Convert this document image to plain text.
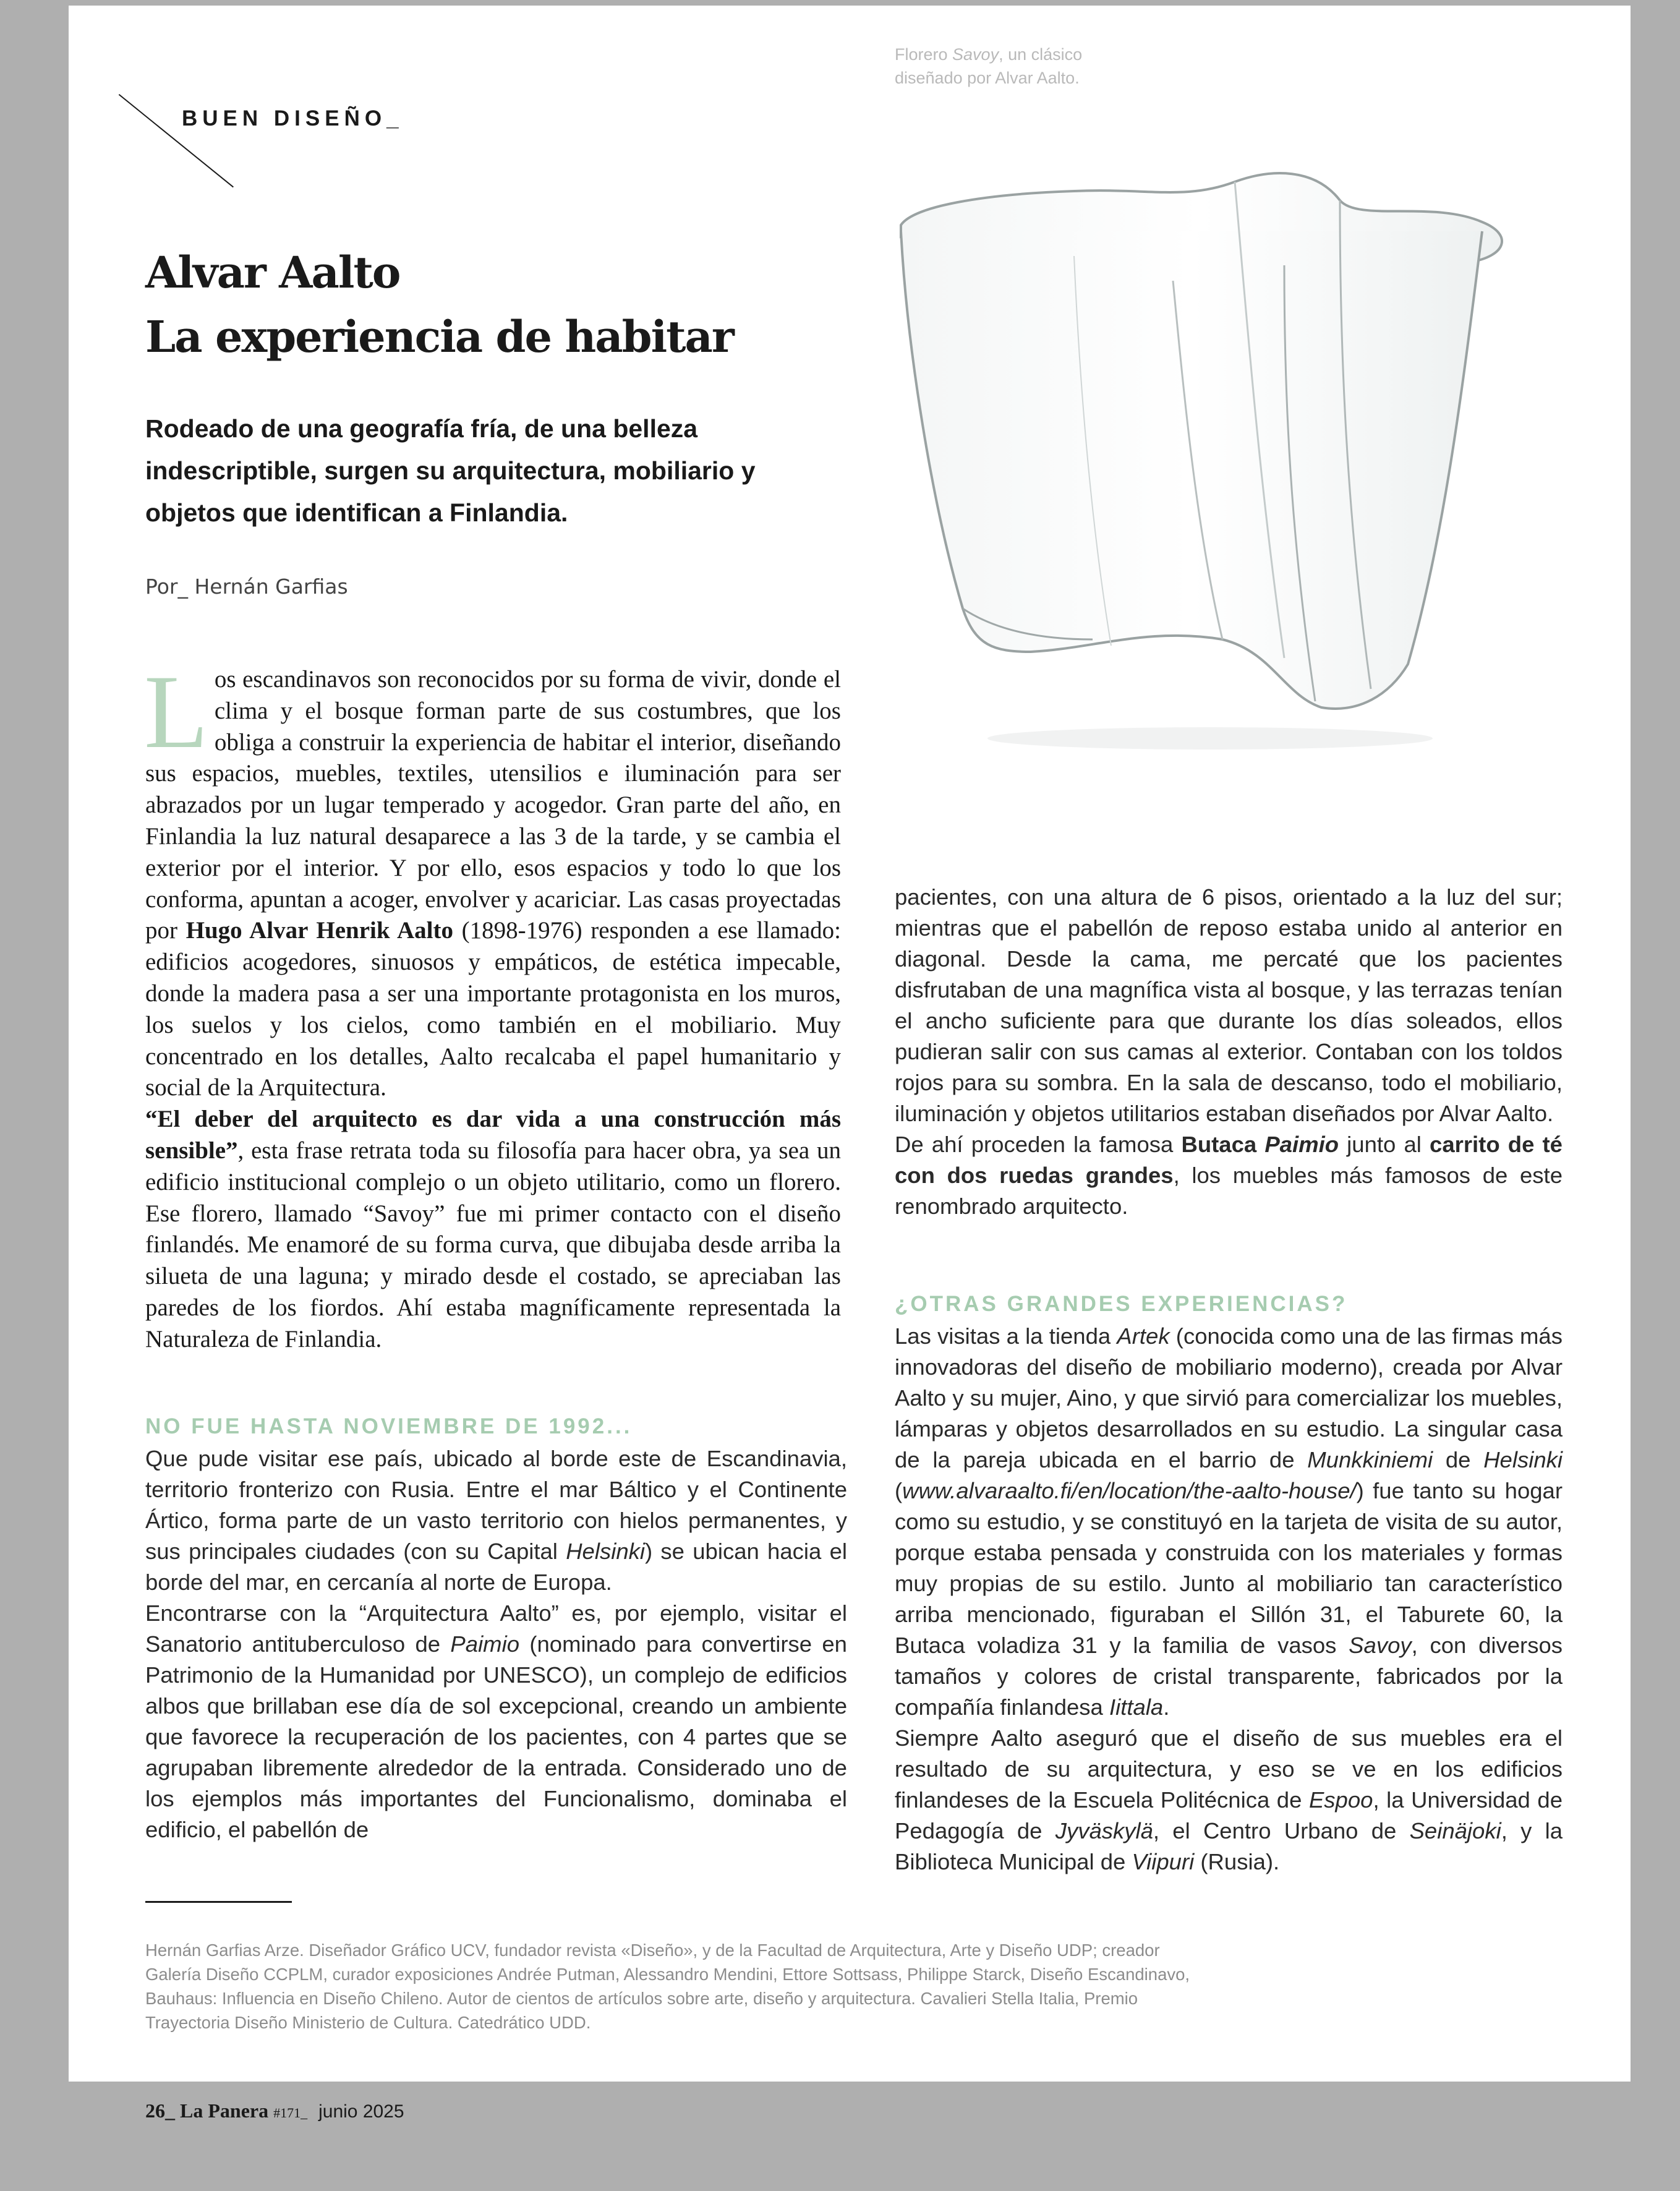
BUEN DISEÑO_
Alvar Aalto
La experiencia de habitar
Rodeado de una geografía fría, de una belleza indescriptible, surgen su arquitectura, mobiliario y objetos que identifican a Finlandia.
Por_ Hernán Garfias

Los escandinavos son reconocidos por su forma de vivir, donde el clima y el bosque forman parte de sus costumbres, que los obliga a construir la experiencia de habitar el interior, diseñando sus espacios, muebles, textiles, utensilios e iluminación para ser abrazados por un lugar temperado y acogedor. Gran parte del año, en Finlandia la luz natural desaparece a las 3 de la tarde, y se cambia el exterior por el interior. Y por ello, esos espacios y todo lo que los conforma, apuntan a acoger, envolver y acariciar. Las casas proyectadas por Hugo Alvar Henrik Aalto (1898-1976) responden a ese llamado: edificios acogedores, sinuosos y empáticos, de estética impecable, donde la madera pasa a ser una importante protagonista en los muros, los suelos y los cielos, como también en el mobiliario. Muy concentrado en los detalles, Aalto recalcaba el papel humanitario y social de la Arquitectura.

“El deber del arquitecto es dar vida a una construcción más sensible”, esta frase retrata toda su filosofía para hacer obra, ya sea un edificio institucional complejo o un objeto utilitario, como un florero. Ese florero, llamado “Savoy” fue mi primer contacto con el diseño finlandés. Me enamoré de su forma curva, que dibujaba desde arriba la silueta de una laguna; y mirado desde el costado, se apreciaban las paredes de los fiordos. Ahí estaba magníficamente representada la Naturaleza de Finlandia.

NO FUE HASTA NOVIEMBRE DE 1992...

Que pude visitar ese país, ubicado al borde este de Escandinavia, territorio fronterizo con Rusia. Entre el mar Báltico y el Continente Ártico, forma parte de un vasto territorio con hielos permanentes, y sus principales ciudades (con su Capital Helsinki) se ubican hacia el borde del mar, en cercanía al norte de Europa.

Encontrarse con la “Arquitectura Aalto” es, por ejemplo, visitar el Sanatorio antituberculoso de Paimio (nominado para convertirse en Patrimonio de la Humanidad por UNESCO), un complejo de edificios albos que brillaban ese día de sol excepcional, creando un ambiente que favorece la recuperación de los pacientes, con 4 partes que se agrupaban libremente alrededor de la entrada. Considerado uno de los ejemplos más importantes del Funcionalismo, dominaba el edificio, el pabellón de

Florero Savoy, un clásico diseñado por Alvar Aalto.

pacientes, con una altura de 6 pisos, orientado a la luz del sur; mientras que el pabellón de reposo estaba unido al anterior en diagonal. Desde la cama, me percaté que los pacientes disfrutaban de una magnífica vista al bosque, y las terrazas tenían el ancho suficiente para que durante los días soleados, ellos pudieran salir con sus camas al exterior. Contaban con los toldos rojos para su sombra. En la sala de descanso, todo el mobiliario, iluminación y objetos utilitarios estaban diseñados por Alvar Aalto.

De ahí proceden la famosa Butaca Paimio junto al carrito de té con dos ruedas grandes, los muebles más famosos de este renombrado arquitecto.

¿OTRAS GRANDES EXPERIENCIAS?

Las visitas a la tienda Artek (conocida como una de las firmas más innovadoras del diseño de mobiliario moderno), creada por Alvar Aalto y su mujer, Aino, y que sirvió para comercializar los muebles, lámparas y objetos desarrollados en su estudio. La singular casa de la pareja ubicada en el barrio de Munkkiniemi de Helsinki (www.alvaraalto.fi/en/location/the-aalto-house/) fue tanto su hogar como su estudio, y se constituyó en la tarjeta de visita de su autor, porque estaba pensada y construida con los materiales y formas muy propias de su estilo. Junto al mobiliario tan característico arriba mencionado, figuraban el Sillón 31, el Taburete 60, la Butaca voladiza 31 y la familia de vasos Savoy, con diversos tamaños y colores de cristal transparente, fabricados por la compañía finlandesa Iittala.

Siempre Aalto aseguró que el diseño de sus muebles era el resultado de su arquitectura, y eso se ve en los edificios finlandeses de la Escuela Politécnica de Espoo, la Universidad de Pedagogía de Jyväskylä, el Centro Urbano de Seinäjoki, y la Biblioteca Municipal de Viipuri (Rusia).

Hernán Garfias Arze. Diseñador Gráfico UCV, fundador revista «Diseño», y de la Facultad de Arquitectura, Arte y Diseño UDP; creador Galería Diseño CCPLM, curador exposiciones Andrée Putman, Alessandro Mendini, Ettore Sottsass, Philippe Starck, Diseño Escandinavo, Bauhaus: Influencia en Diseño Chileno. Autor de cientos de artículos sobre arte, diseño y arquitectura. Cavalieri Stella Italia, Premio Trayectoria Diseño Ministerio de Cultura. Catedrático UDD.
26_ La Panera #171_ junio 2025
